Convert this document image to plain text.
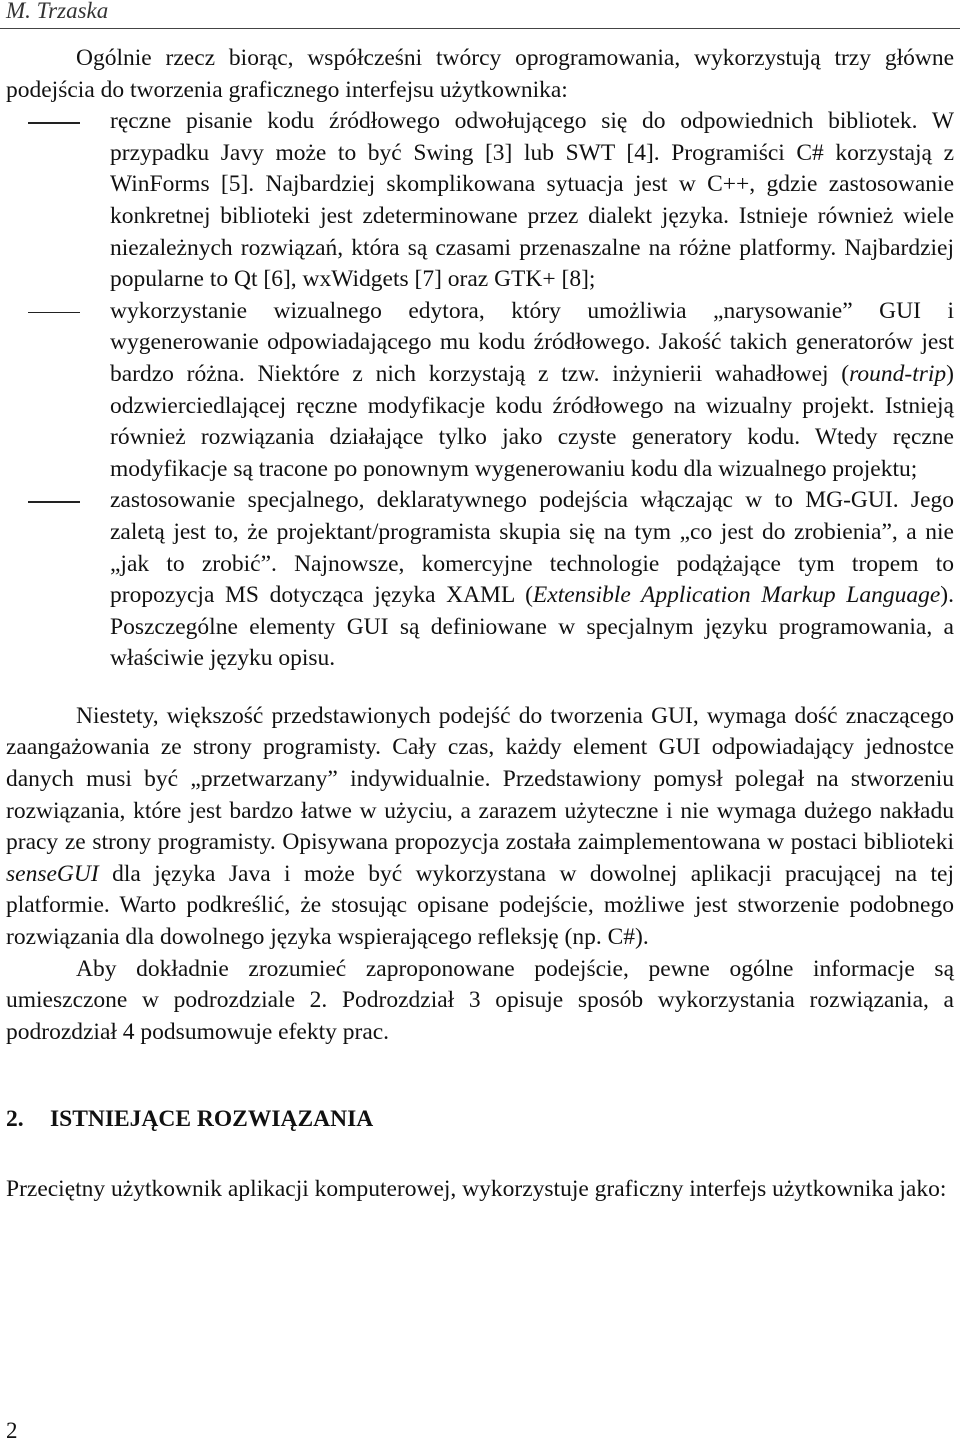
M. Trzaska

Ogólnie rzecz biorąc, współcześni twórcy oprogramowania, wykorzystują trzy główne podejścia do tworzenia graficznego interfejsu użytkownika:

ręczne pisanie kodu źródłowego odwołującego się do odpowiednich bibliotek. W przypadku Javy może to być Swing [3] lub SWT [4]. Programiści C# korzystają z WinForms [5]. Najbardziej skomplikowana sytuacja jest w C++, gdzie zastosowanie konkretnej biblioteki jest zdeterminowane przez dialekt języka. Istnieje również wiele niezależnych rozwiązań, która są czasami przenaszalne na różne platformy. Najbardziej popularne to Qt [6], wxWidgets [7] oraz GTK+ [8];
wykorzystanie wizualnego edytora, który umożliwia „narysowanie” GUI i wygenerowanie odpowiadającego mu kodu źródłowego. Jakość takich generatorów jest bardzo różna. Niektóre z nich korzystają z tzw. inżynierii wahadłowej (round-trip) odzwierciedlającej ręczne modyfikacje kodu źródłowego na wizualny projekt. Istnieją również rozwiązania działające tylko jako czyste generatory kodu. Wtedy ręczne modyfikacje są tracone po ponownym wygenerowaniu kodu dla wizualnego projektu;
zastosowanie specjalnego, deklaratywnego podejścia włączając w to MG-GUI. Jego zaletą jest to, że projektant/programista skupia się na tym „co jest do zrobienia”, a nie „jak to zrobić”. Najnowsze, komercyjne technologie podążające tym tropem to propozycja MS dotycząca języka XAML (Extensible Application Markup Language). Poszczególne elementy GUI są definiowane w specjalnym języku programowania, a właściwie języku opisu.

Niestety, większość przedstawionych podejść do tworzenia GUI, wymaga dość znaczącego zaangażowania ze strony programisty. Cały czas, każdy element GUI odpowiadający jednostce danych musi być „przetwarzany” indywidualnie. Przedstawiony pomysł polegał na stworzeniu rozwiązania, które jest bardzo łatwe w użyciu, a zarazem użyteczne i nie wymaga dużego nakładu pracy ze strony programisty. Opisywana propozycja została zaimplementowana w postaci biblioteki senseGUI dla języka Java i może być wykorzystana w dowolnej aplikacji pracującej na tej platformie. Warto podkreślić, że stosując opisane podejście, możliwe jest stworzenie podobnego rozwiązania dla dowolnego języka wspierającego refleksję (np. C#).

Aby dokładnie zrozumieć zaproponowane podejście, pewne ogólne informacje są umieszczone w podrozdziale 2. Podrozdział 3 opisuje sposób wykorzystania rozwiązania, a podrozdział 4 podsumowuje efekty prac.

2. ISTNIEJĄCE ROZWIĄZANIA

Przeciętny użytkownik aplikacji komputerowej, wykorzystuje graficzny interfejs użytkownika jako:

2
